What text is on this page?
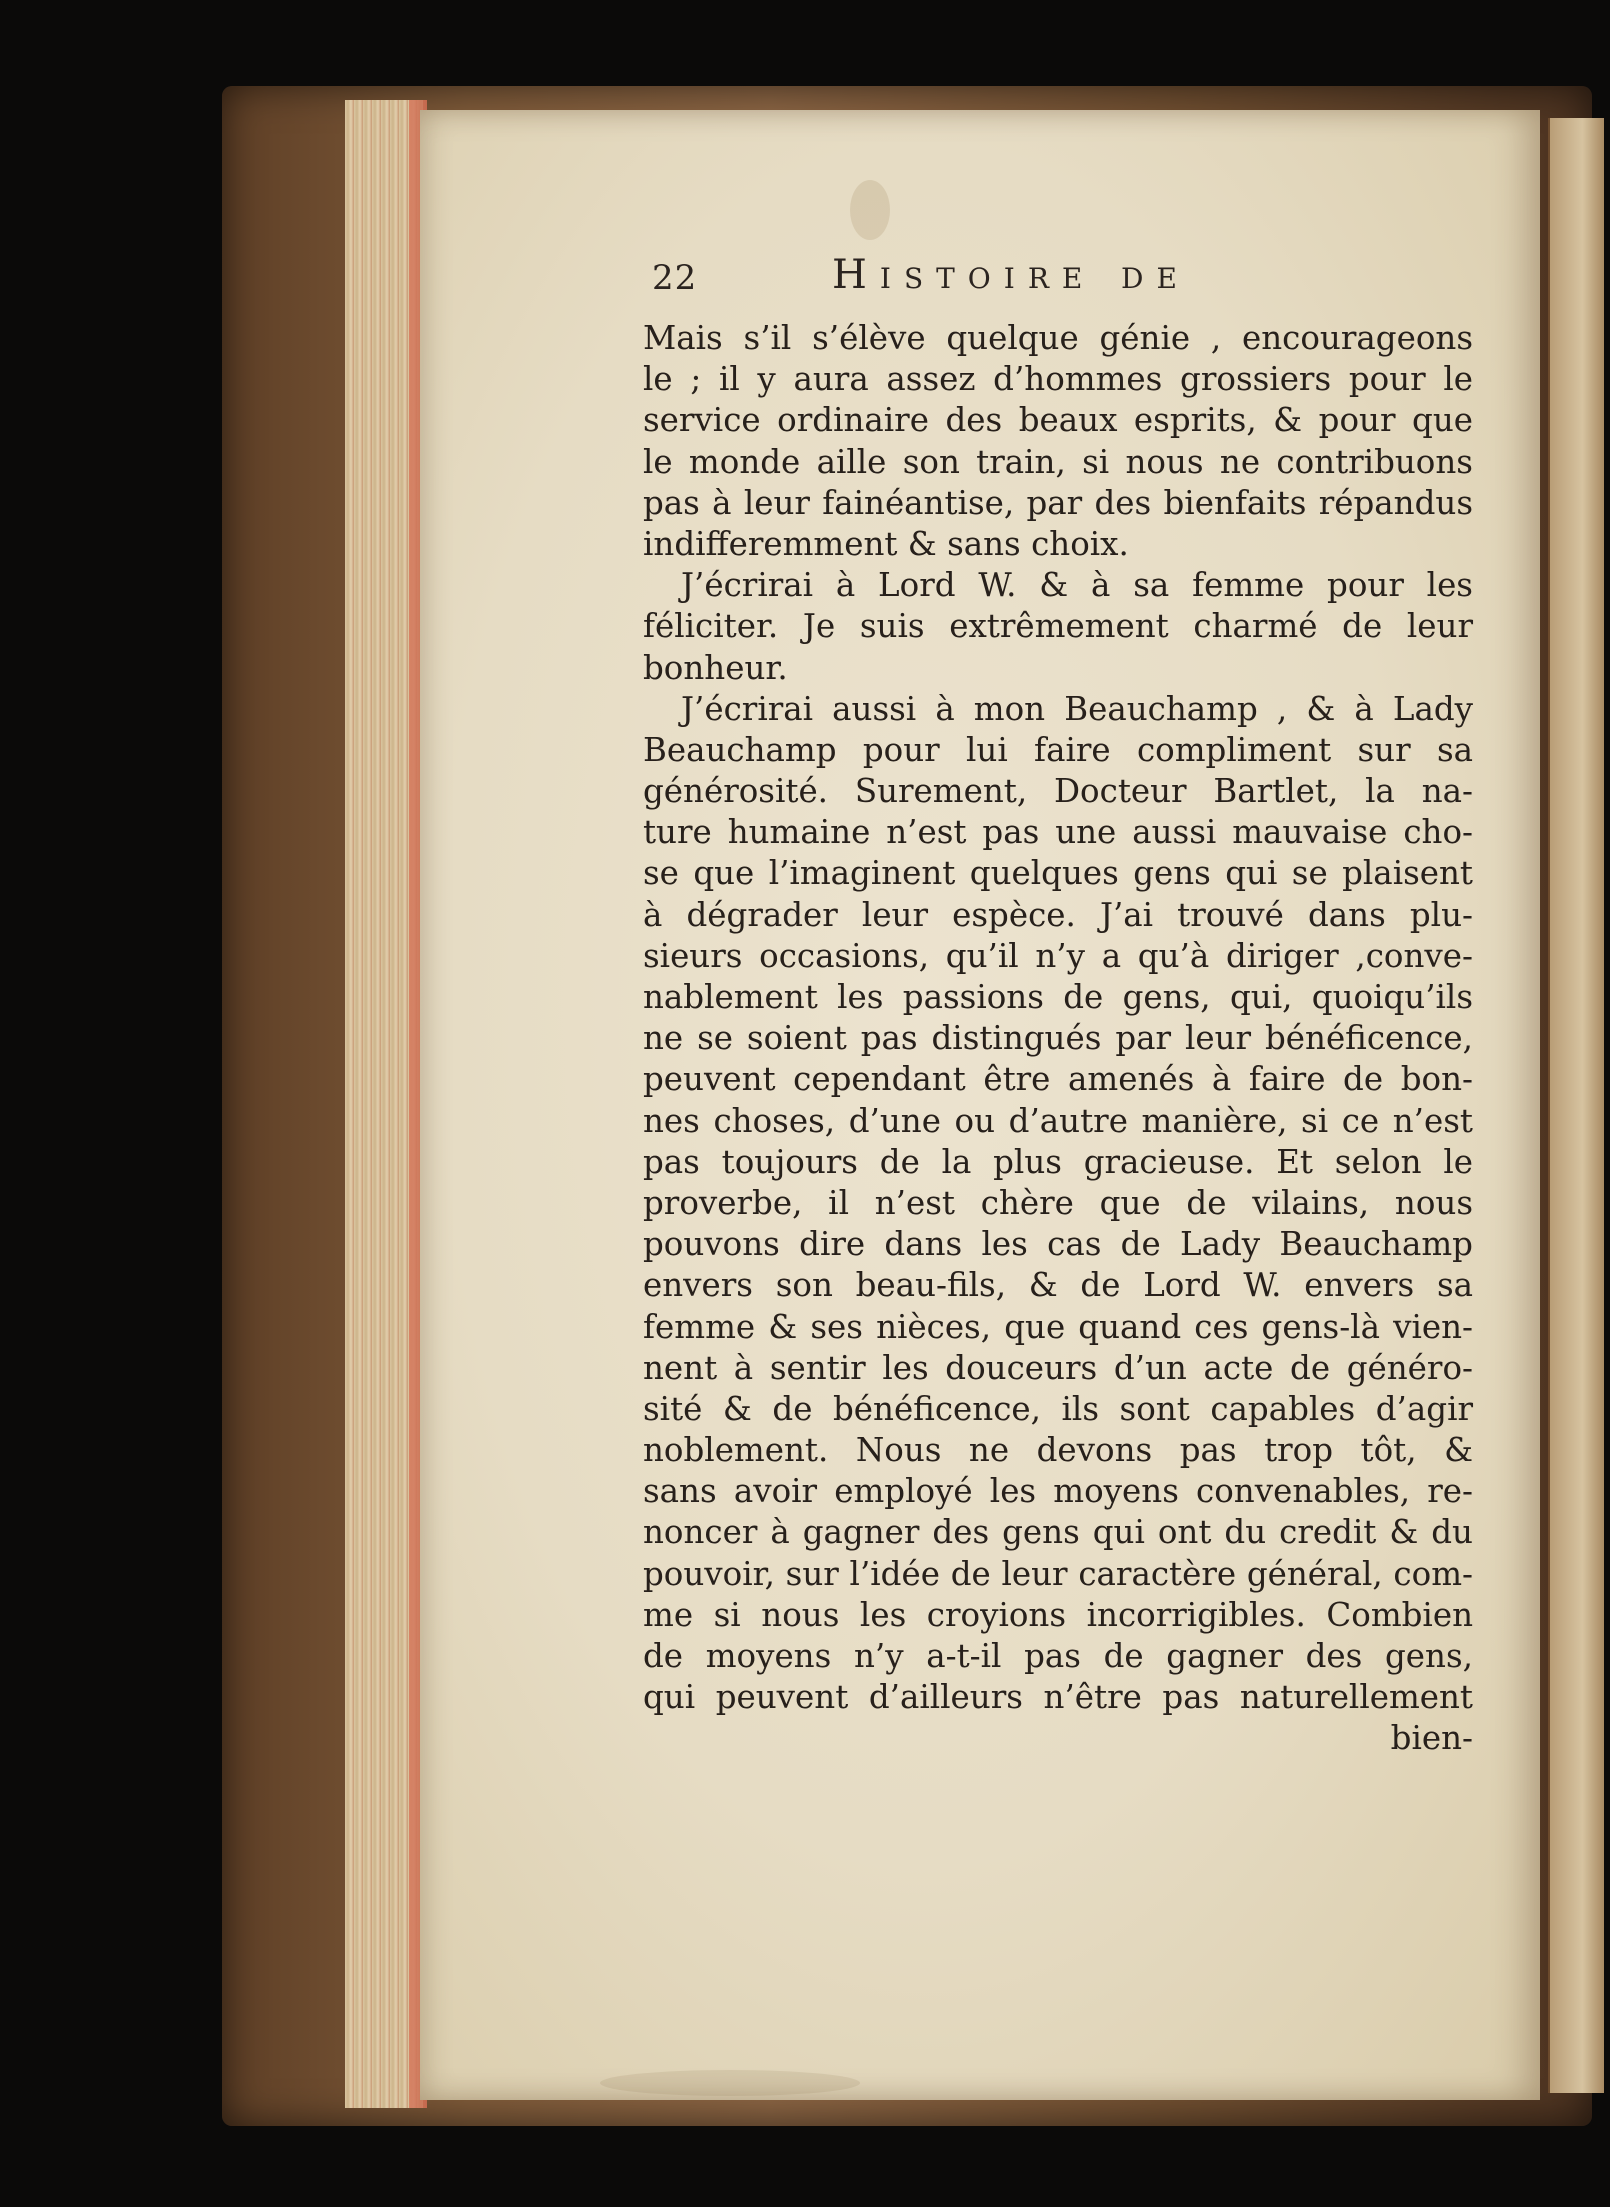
22	Histoire de
Mais s’il s’élève quelque génie , encourageons
le ; il y aura assez d’hommes grossiers pour le
service ordinaire des beaux esprits, & pour que
le monde aille son train, si nous ne contribuons
pas à leur fainéantise, par des bienfaits répandus
indifferemment & sans choix.
J’écrirai à Lord W. & à sa femme pour les
féliciter. Je suis extrêmement charmé de leur
bonheur.
J’écrirai aussi à mon Beauchamp , & à Lady
Beauchamp pour lui faire compliment sur sa
générosité. Surement, Docteur Bartlet, la na-
ture humaine n’est pas une aussi mauvaise cho-
se que l’imaginent quelques gens qui se plaisent
à dégrader leur espèce. J’ai trouvé dans plu-
sieurs occasions, qu’il n’y a qu’à diriger ,conve-
nablement les passions de gens, qui, quoiqu’ils
ne se soient pas distingués par leur bénéficence,
peuvent cependant être amenés à faire de bon-
nes choses, d’une ou d’autre manière, si ce n’est
pas toujours de la plus gracieuse. Et selon le
proverbe, il n’est chère que de vilains, nous
pouvons dire dans les cas de Lady Beauchamp
envers son beau-fils, & de Lord W. envers sa
femme & ses nièces, que quand ces gens-là vien-
nent à sentir les douceurs d’un acte de généro-
sité & de bénéficence, ils sont capables d’agir
noblement. Nous ne devons pas trop tôt, &
sans avoir employé les moyens convenables, re-
noncer à gagner des gens qui ont du credit & du
pouvoir, sur l’idée de leur caractère général, com-
me si nous les croyions incorrigibles. Combien
de moyens n’y a-t-il pas de gagner des gens,
qui peuvent d’ailleurs n’être pas naturellement
bien-
